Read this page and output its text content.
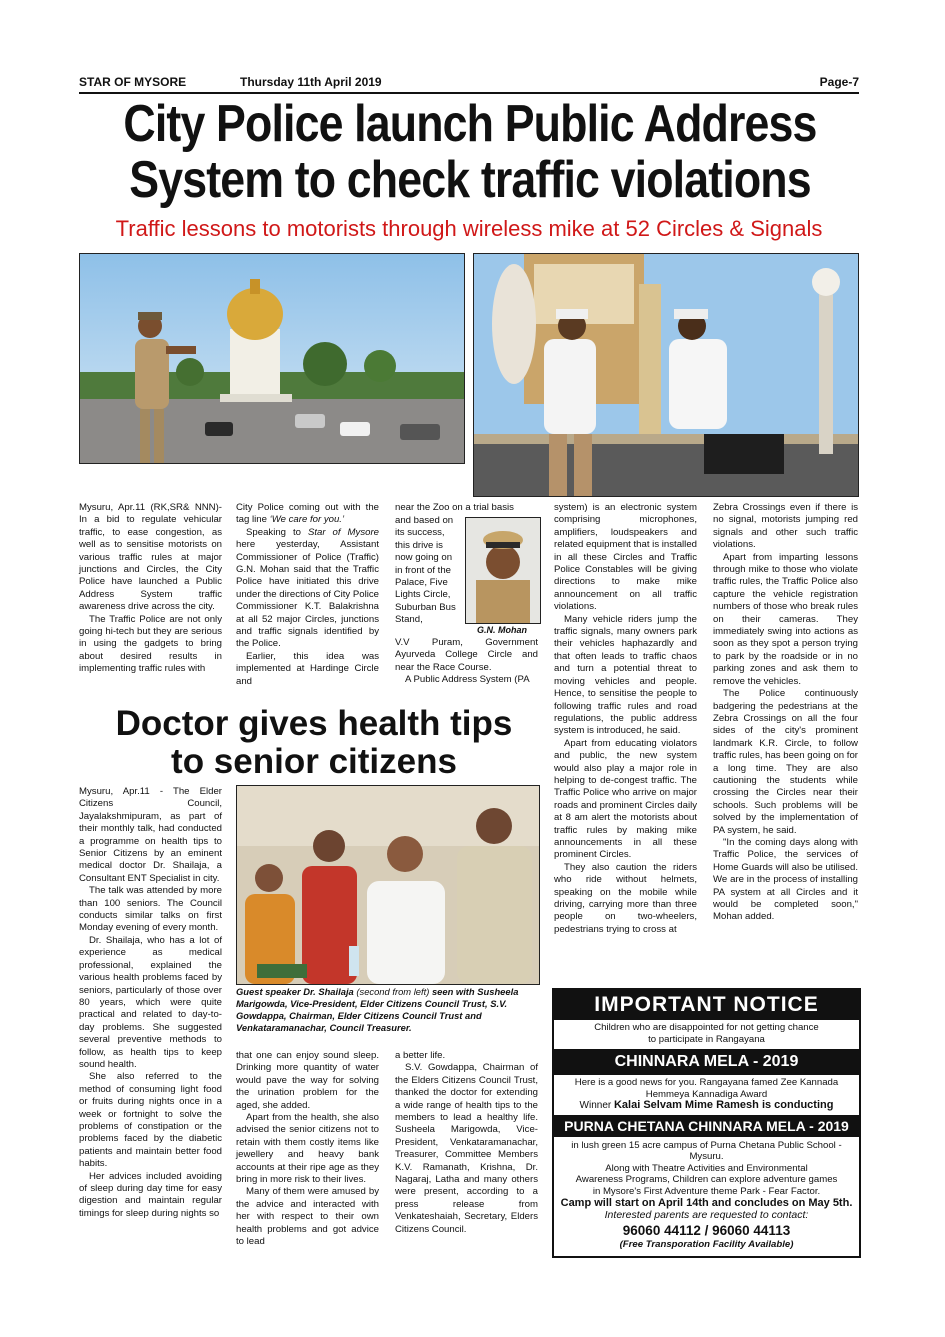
STAR OF MYSORE	Thursday 11th April 2019	Page-7
City Police launch Public Address
System to check traffic violations
Traffic lessons to motorists through wireless mike at 52 Circles & Signals

Mysuru, Apr.11 (RK,SR& NNN)- In a bid to regulate vehicular traffic, to ease congestion, as well as to sensitise motorists on various traffic rules at major junctions and Circles, the City Police have launched a Public Address System traffic awareness drive across the city.

The Traffic Police are not only going hi-tech but they are serious in using the gadgets to bring about desired results in implementing traffic rules with

City Police coming out with the tag line ‘We care for you.’

Speaking to Star of Mysore here yesterday, Assistant Commissioner of Police (Traffic) G.N. Mohan said that the Traffic Police have initiated this drive under the directions of City Police Commissioner K.T. Balakrishna at all 52 major Circles, junctions and traffic signals identified by the Police.

Earlier, this idea was implemented at Hardinge Circle and

near the Zoo on a trial basis

and based on its success, this drive is now going on in front of the Palace, Five Lights Circle, Suburban Bus Stand,

G.N. Mohan

V.V Puram, Government Ayurveda College Circle and near the Race Course.

A Public Address System (PA

system) is an electronic system comprising microphones, amplifiers, loudspeakers and related equipment that is installed in all these Circles and Traffic Police Constables will be giving directions to make mike announcement on all traffic violations.

Many vehicle riders jump the traffic signals, many owners park their vehicles haphazardly and that often leads to traffic chaos and turn a potential threat to moving vehicles and people. Hence, to sensitise the people to following traffic rules and road regulations, the public address system is introduced, he said.

Apart from educating violators and public, the new system would also play a major role in helping to de-congest traffic. The Traffic Police who arrive on major roads and prominent Circles daily at 8 am alert the motorists about traffic rules by making mike announcements in all these prominent Circles.

They also caution the riders who ride without helmets, speaking on the mobile while driving, carrying more than three people on two-wheelers, pedestrians trying to cross at

Zebra Crossings even if there is no signal, motorists jumping red signals and other such traffic violations.

Apart from imparting lessons through mike to those who violate traffic rules, the Traffic Police also capture the vehicle registration numbers of those who break rules on their cameras. They immediately swing into actions as soon as they spot a person trying to park by the roadside or in no parking zones and ask them to remove the vehicles.

The Police continuously badgering the pedestrians at the Zebra Crossings on all the four sides of the city's prominent landmark K.R. Circle, to follow traffic rules, has been going on for a long time. They are also cautioning the students while crossing the Circles near their schools. Such problems will be solved by the implementation of PA system, he said.

"In the coming days along with Traffic Police, the services of Home Guards will also be utilised. We are in the process of installing PA system at all Circles and it would be completed soon," Mohan added.

Doctor gives health tips
to senior citizens

Mysuru, Apr.11 - The Elder Citizens Council, Jayalakshmipuram, as part of their monthly talk, had conducted a programme on health tips to Senior Citizens by an eminent medical doctor Dr. Shailaja, a Consultant ENT Specialist in city.

The talk was attended by more than 100 seniors. The Council conducts similar talks on first Monday evening of every month.

Dr. Shailaja, who has a lot of experience as medical professional, explained the various health problems faced by seniors, particularly of those over 80 years, which were quite practical and related to day-to-day problems. She suggested several preventive methods to follow, as health tips to keep sound health.

She also referred to the method of consuming light food or fruits during nights once in a week or fortnight to solve the problems of constipation or the problems faced by the diabetic patients and maintain better food habits.

Her advices included avoiding of sleep during day time for easy digestion and maintain regular timings for sleep during nights so

Guest speaker Dr. Shailaja (second from left) seen with Susheela Marigowda, Vice-President, Elder Citizens Council Trust, S.V. Gowdappa, Chairman, Elder Citizens Council Trust and Venkataramanachar, Council Treasurer.

that one can enjoy sound sleep. Drinking more quantity of water would pave the way for solving the urination problem for the aged, she added.

Apart from the health, she also advised the senior citizens not to retain with them costly items like jewellery and heavy bank accounts at their ripe age as they bring in more risk to their lives.

Many of them were amused by the advice and interacted with her with respect to their own health problems and got advice to lead

a better life.

S.V. Gowdappa, Chairman of the Elders Citizens Council Trust, thanked the doctor for extending a wide range of health tips to the members to lead a healthy life. Susheela Marigowda, Vice-President, Venkataramanachar, Treasurer, Committee Members K.V. Ramanath, Krishna, Dr. Nagaraj, Latha and many others were present, according to a press release from Venkateshaiah, Secretary, Elders Citizens Council.

IMPORTANT NOTICE
Children who are disappointed for not getting chance
to participate in Rangayana
CHINNARA MELA - 2019
Here is a good news for you. Rangayana famed Zee Kannada
Hemmeya Kannadiga Award
Winner Kalai Selvam Mime Ramesh is conducting
PURNA CHETANA CHINNARA MELA - 2019
in lush green 15 acre campus of Purna Chetana Public School - Mysuru.
Along with Theatre Activities and Environmental
Awareness Programs, Children can explore adventure games
in Mysore's First Adventure theme Park - Fear Factor.
Camp will start on April 14th and concludes on May 5th.
Interested parents are requested to contact:
96060 44112 / 96060 44113
(Free Transporation Facility Available)
